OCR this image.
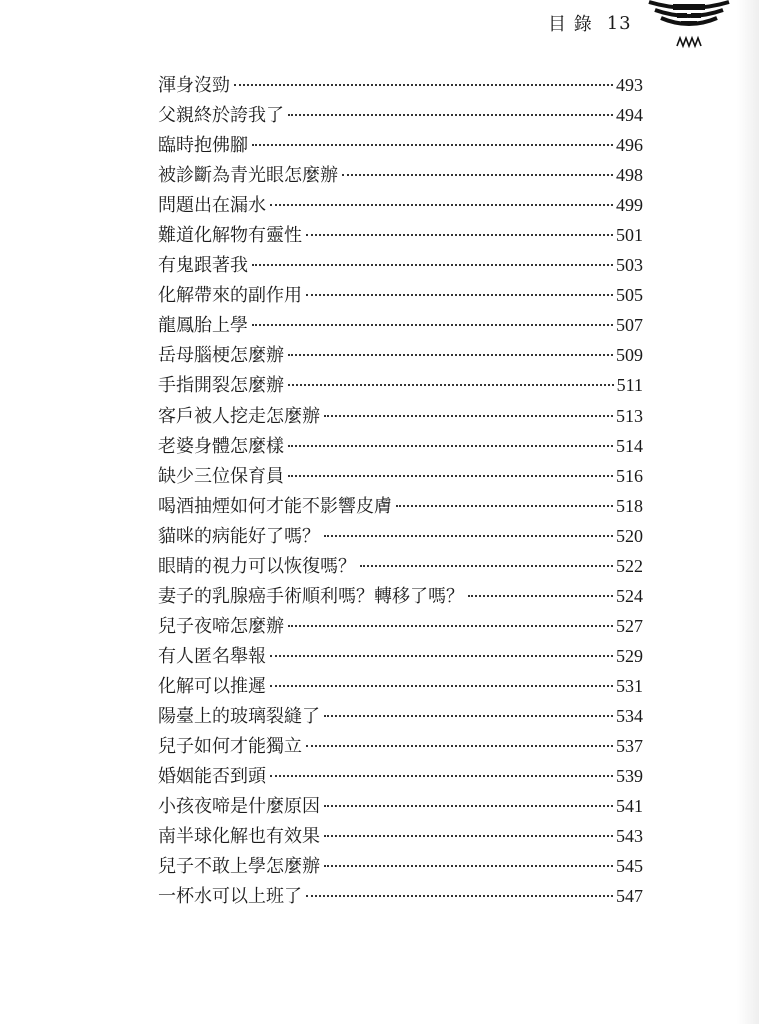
目 錄 13
渾身沒勁	493
父親終於誇我了	494
臨時抱佛腳	496
被診斷為青光眼怎麼辦	498
問題出在漏水	499
難道化解物有靈性	501
有鬼跟著我	503
化解帶來的副作用	505
龍鳳胎上學	507
岳母腦梗怎麼辦	509
手指開裂怎麼辦	511
客戶被人挖走怎麼辦	513
老婆身體怎麼樣	514
缺少三位保育員	516
喝酒抽煙如何才能不影響皮膚	518
貓咪的病能好了嗎？	520
眼睛的視力可以恢復嗎？	522
妻子的乳腺癌手術順利嗎？轉移了嗎？	524
兒子夜啼怎麼辦	527
有人匿名舉報	529
化解可以推遲	531
陽臺上的玻璃裂縫了	534
兒子如何才能獨立	537
婚姻能否到頭	539
小孩夜啼是什麼原因	541
南半球化解也有效果	543
兒子不敢上學怎麼辦	545
一杯水可以上班了	547
